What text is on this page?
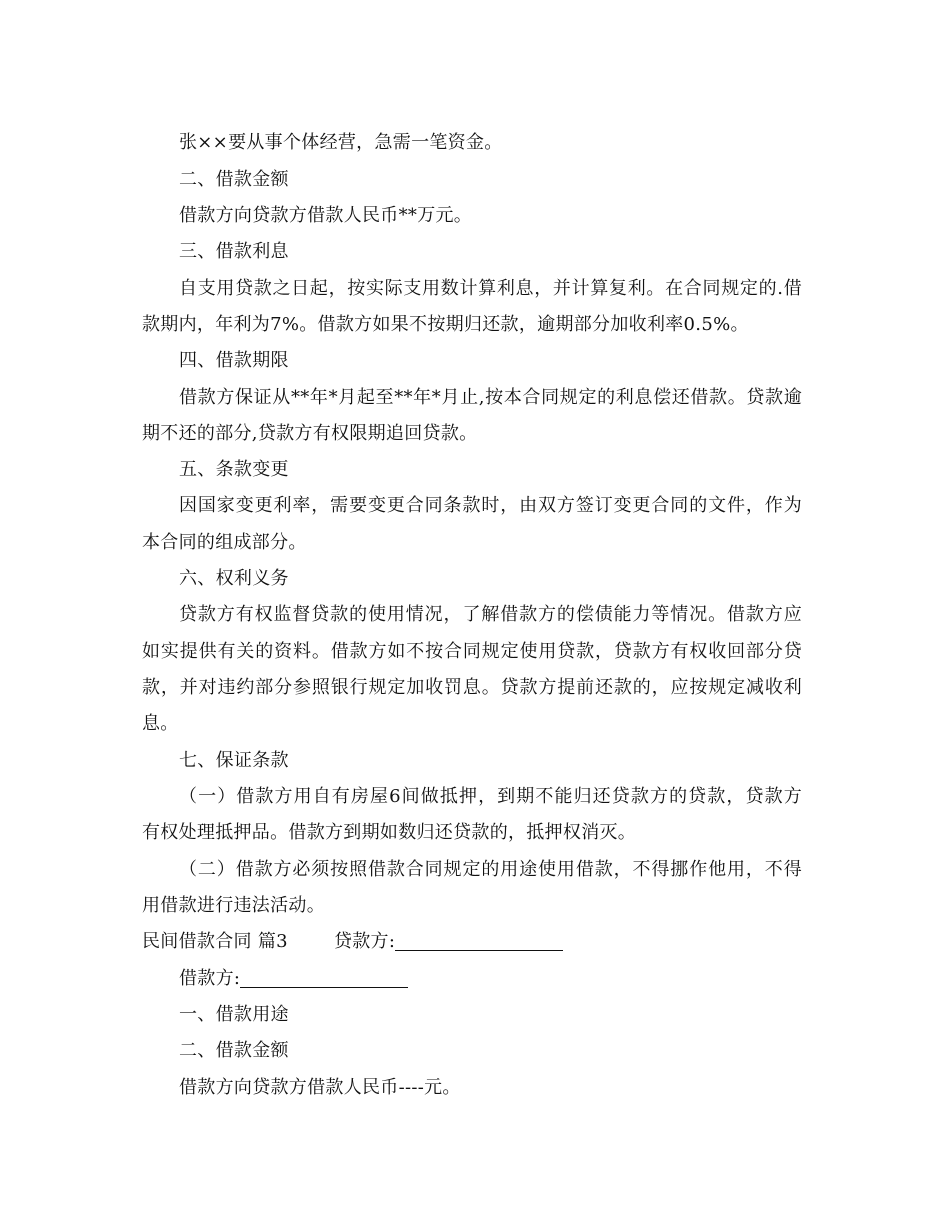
张××要从事个体经营，急需一笔资金。
二、借款金额
借款方向贷款方借款人民币**万元。
三、借款利息
自支用贷款之日起，按实际支用数计算利息，并计算复利。在合同规定的.借
款期内，年利为7%。借款方如果不按期归还款，逾期部分加收利率0.5%。
四、借款期限
借款方保证从**年*月起至**年*月止,按本合同规定的利息偿还借款。贷款逾
期不还的部分,贷款方有权限期追回贷款。
五、条款变更
因国家变更利率，需要变更合同条款时，由双方签订变更合同的文件，作为
本合同的组成部分。
六、权利义务
贷款方有权监督贷款的使用情况，了解借款方的偿债能力等情况。借款方应
如实提供有关的资料。借款方如不按合同规定使用贷款，贷款方有权收回部分贷
款，并对违约部分参照银行规定加收罚息。贷款方提前还款的，应按规定减收利
息。
七、保证条款
（一）借款方用自有房屋6间做抵押，到期不能归还贷款方的贷款，贷款方
有权处理抵押品。借款方到期如数归还贷款的，抵押权消灭。
（二）借款方必须按照借款合同规定的用途使用借款，不得挪作他用，不得
用借款进行违法活动。
民间借款合同 篇3	贷款方:
借款方:
一、借款用途
二、借款金额
借款方向贷款方借款人民币----元。
